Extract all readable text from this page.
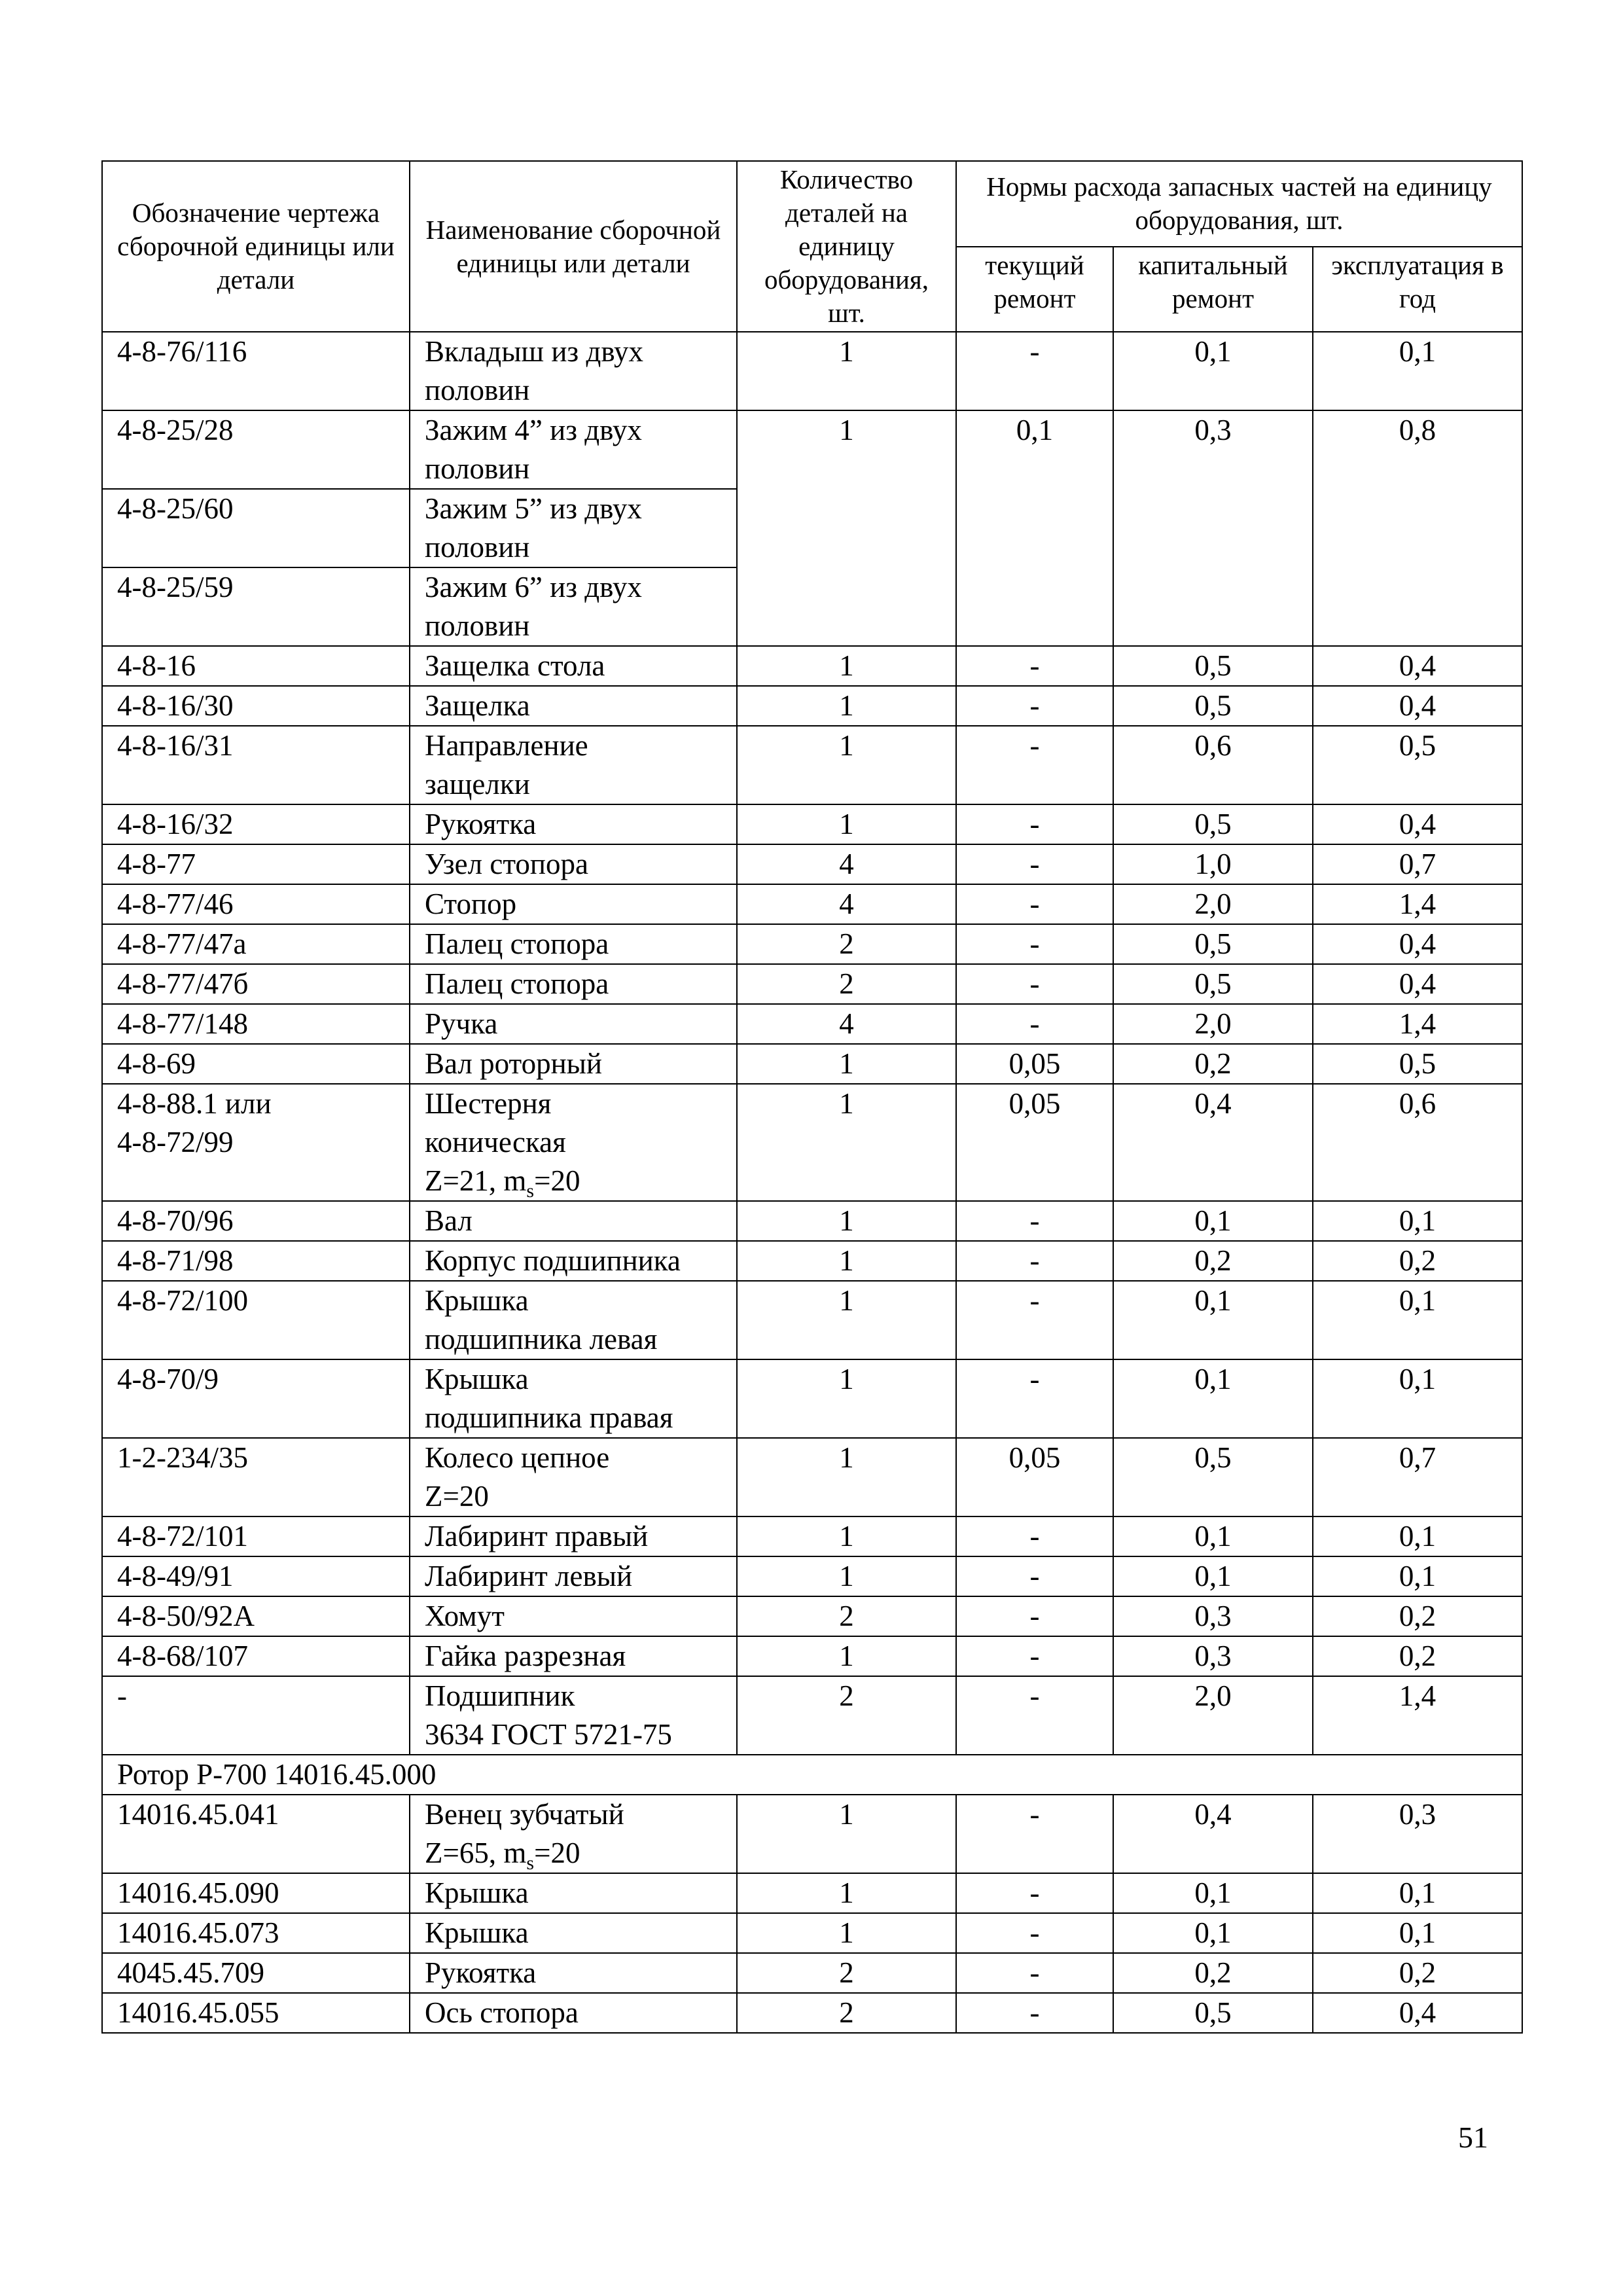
Обозначение чертежа сборочной единицы или детали	Наименование сборочной единицы или детали	Количество деталей на единицу оборудования, шт.	Нормы расхода запасных частей на единицу оборудования, шт.		
			текущий ремонт	капитальный ремонт	эксплуатация в год
4-8-76/116	Вкладыш из двух
половин	1	-	0,1	0,1
4-8-25/28	Зажим 4” из двух
половин	1	0,1	0,3	0,8
4-8-25/60	Зажим 5” из двух
половин				

4-8-25/59	Зажим 6” из двух
половин				

4-8-16	Защелка стола	1	-	0,5	0,4
4-8-16/30	Защелка	1	-	0,5	0,4
4-8-16/31	Направление
защелки	1	-	0,6	0,5
4-8-16/32	Рукоятка	1	-	0,5	0,4
4-8-77	Узел стопора	4	-	1,0	0,7
4-8-77/46	Стопор	4	-	2,0	1,4
4-8-77/47а	Палец стопора	2	-	0,5	0,4
4-8-77/47б	Палец стопора	2	-	0,5	0,4
4-8-77/148	Ручка	4	-	2,0	1,4
4-8-69	Вал роторный	1	0,05	0,2	0,5
4-8-88.1 или
4-8-72/99	Шестерня
коническая
Z=21, $m_s=20$	1	0,05	0,4	0,6
4-8-70/96	Вал	1	-	0,1	0,1
4-8-71/98	Корпус подшипника	1	-	0,2	0,2
4-8-72/100	Крышка
подшипника левая	1	-	0,1	0,1
4-8-70/9	Крышка
подшипника правая	1	-	0,1	0,1
1-2-234/35	Колесо цепное
Z=20	1	0,05	0,5	0,7
4-8-72/101	Лабиринт правый	1	-	0,1	0,1
4-8-49/91	Лабиринт левый	1	-	0,1	0,1
4-8-50/92А	Хомут	2	-	0,3	0,2
4-8-68/107	Гайка разрезная	1	-	0,3	0,2
-	Подшипник
3634 ГОСТ 5721-75	2	-	2,0	1,4
Ротор Р-700 14016.45.000					
14016.45.041	Венец зубчатый
Z=65, $m_s=20$	1	-	0,4	0,3
14016.45.090	Крышка	1	-	0,1	0,1
14016.45.073	Крышка	1	-	0,1	0,1
4045.45.709	Рукоятка	2	-	0,2	0,2
14016.45.055	Ось стопора	2	-	0,5	0,4
51
